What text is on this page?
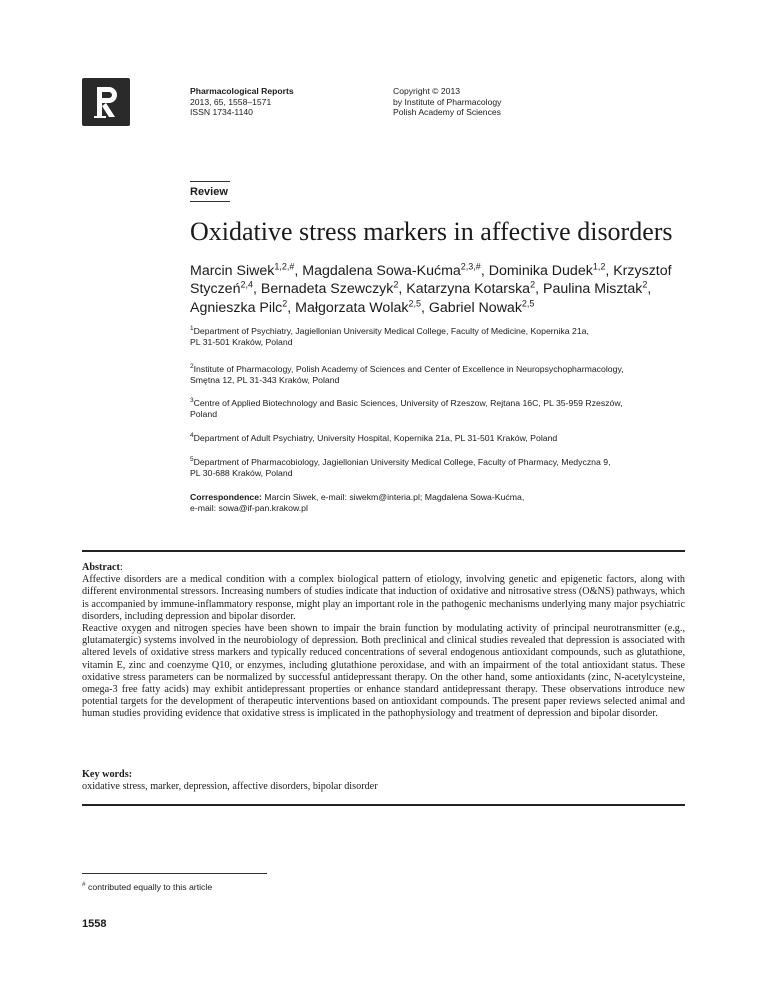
Pharmacological Reports
2013, 65, 1558–1571
ISSN 1734-1140
Copyright © 2013
by Institute of Pharmacology
Polish Academy of Sciences
Review
Oxidative stress markers in affective disorders
Marcin Siwek$^{1,2,\#}$, Magdalena Sowa-Kućma$^{2,3,\#}$, Dominika Dudek$^{1,2}$, Krzysztof Styczeń$^{2,4}$, Bernadeta Szewczyk$^2$, Katarzyna Kotarska$^2$, Paulina Misztak$^2$, Agnieszka Pilc$^2$, Małgorzata Wolak$^{2,5}$, Gabriel Nowak$^{2,5}$
$^1$Department of Psychiatry, Jagiellonian University Medical College, Faculty of Medicine, Kopernika 21a,
PL 31-501 Kraków, Poland
$^2$Institute of Pharmacology, Polish Academy of Sciences and Center of Excellence in Neuropsychopharmacology,
Smętna 12, PL 31-343 Kraków, Poland
$^3$Centre of Applied Biotechnology and Basic Sciences, University of Rzeszow, Rejtana 16C, PL 35-959 Rzeszów,
Poland
$^4$Department of Adult Psychiatry, University Hospital, Kopernika 21a, PL 31-501 Kraków, Poland
$^5$Department of Pharmacobiology, Jagiellonian University Medical College, Faculty of Pharmacy, Medyczna 9,
PL 30-688 Kraków, Poland
Correspondence: Marcin Siwek, e-mail: siwekm@interia.pl; Magdalena Sowa-Kućma,
e-mail: sowa@if-pan.krakow.pl

Abstract:

Affective disorders are a medical condition with a complex biological pattern of etiology, involving genetic and epigenetic factors, along with different environmental stressors. Increasing numbers of studies indicate that induction of oxidative and nitrosative stress (O&NS) pathways, which is accompanied by immune-inflammatory response, might play an important role in the pathogenic mechanisms underlying many major psychiatric disorders, including depression and bipolar disorder.

Reactive oxygen and nitrogen species have been shown to impair the brain function by modulating activity of principal neurotransmitter (e.g., glutamatergic) systems involved in the neurobiology of depression. Both preclinical and clinical studies revealed that depression is associated with altered levels of oxidative stress markers and typically reduced concentrations of several endogenous antioxidant compounds, such as glutathione, vitamin E, zinc and coenzyme Q10, or enzymes, including glutathione peroxidase, and with an impairment of the total antioxidant status. These oxidative stress parameters can be normalized by successful antidepressant therapy. On the other hand, some antioxidants (zinc, N-acetylcysteine, omega-3 free fatty acids) may exhibit antidepressant properties or enhance standard antidepressant therapy. These observations introduce new potential targets for the development of therapeutic interventions based on antioxidant compounds. The present paper reviews selected animal and human studies providing evidence that oxidative stress is implicated in the pathophysiology and treatment of depression and bipolar disorder.

Key words:
oxidative stress, marker, depression, affective disorders, bipolar disorder
# contributed equally to this article
1558
